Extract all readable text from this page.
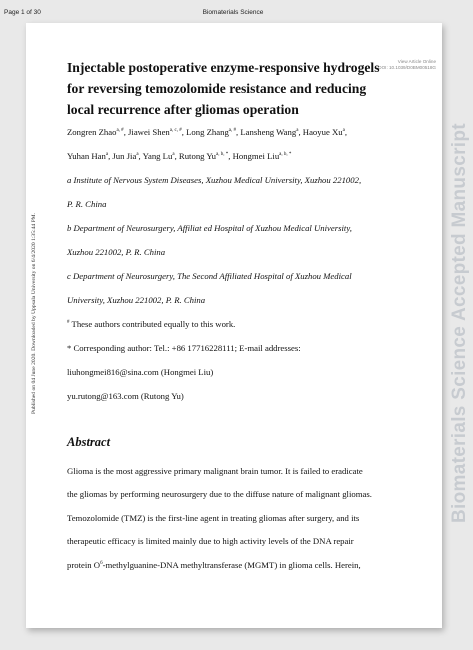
Page 1 of 30	Biomaterials Science
Published on 04 June 2020. Downloaded by Uppsala University on 6/4/2020 1:35:44 PM.	Biomaterials Science Accepted Manuscript
View Article Online
DOI: 10.1039/D0BM00518G

Injectable postoperative enzyme-responsive hydrogels

for reversing temozolomide resistance and reducing

local recurrence after gliomas operation

Zongren Zhao$^{a, \#}$, Jiawei Shen$^{a, c, \#}$, Long Zhang$^{a, \#}$, Lansheng Wang$^a$, Haoyue Xu$^a$,

Yuhan Han$^a$, Jun Jia$^a$, Yang Lu$^a$, Rutong $Yu^{a, b, *}$, Hongmei Liu$^{a, b, *}$

a Institute of Nervous System Diseases, Xuzhou Medical University, Xuzhou 221002,

P. R. China

b Department of Neurosurgery, Affiliat ed Hospital of Xuzhou Medical University,

Xuzhou 221002, P. R. China

c Department of Neurosurgery, The Second Affiliated Hospital of Xuzhou Medical

University, Xuzhou 221002, P. R. China

# These authors contributed equally to this work.

* Corresponding author: Tel.: +86 17716228111; E-mail addresses:

liuhongmei816@sina.com (Hongmei Liu)

yu.rutong@163.com (Rutong Yu)

Abstract

Glioma is the most aggressive primary malignant brain tumor. It is failed to eradicate

the gliomas by performing neurosurgery due to the diffuse nature of malignant gliomas.

Temozolomide (TMZ) is the first-line agent in treating gliomas after surgery, and its

therapeutic efficacy is limited mainly due to high activity levels of the DNA repair

protein $O^6-methylguanine$-DNA methyltransferase (MGMT) in glioma cells. Herein,
